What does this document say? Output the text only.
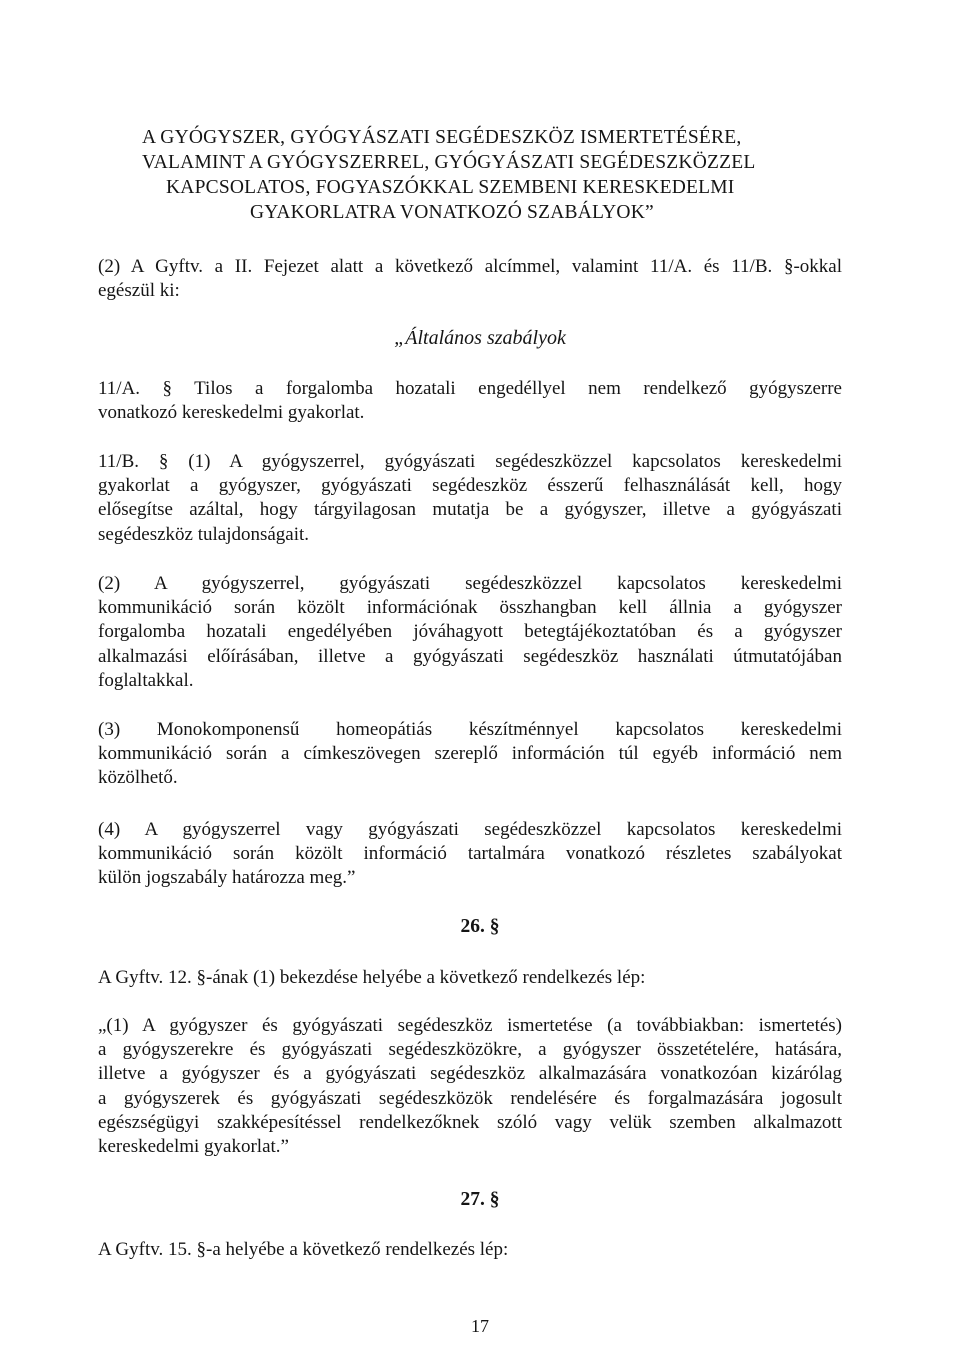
A GYÓGYSZER, GYÓGYÁSZATI SEGÉDESZKÖZ ISMERTETÉSÉRE,
VALAMINT A GYÓGYSZERREL, GYÓGYÁSZATI SEGÉDESZKÖZZEL
KAPCSOLATOS, FOGYASZÓKKAL SZEMBENI KERESKEDELMI
GYAKORLATRA VONATKOZÓ SZABÁLYOK”
(2) A Gyftv. a II. Fejezet alatt a következő alcímmel, valamint 11/A. és 11/B. §-okkal
egészül ki:
„Általános szabályok
11/A. § Tilos a forgalomba hozatali engedéllyel nem rendelkező gyógyszerre
vonatkozó kereskedelmi gyakorlat.
11/B. § (1) A gyógyszerrel, gyógyászati segédeszközzel kapcsolatos kereskedelmi
gyakorlat a gyógyszer, gyógyászati segédeszköz ésszerű felhasználását kell, hogy
elősegítse azáltal, hogy tárgyilagosan mutatja be a gyógyszer, illetve a gyógyászati
segédeszköz tulajdonságait.
(2) A gyógyszerrel, gyógyászati segédeszközzel kapcsolatos kereskedelmi
kommunikáció során közölt információnak összhangban kell állnia a gyógyszer
forgalomba hozatali engedélyében jóváhagyott betegtájékoztatóban és a gyógyszer
alkalmazási előírásában, illetve a gyógyászati segédeszköz használati útmutatójában
foglaltakkal.
(3) Monokomponensű homeopátiás készítménnyel kapcsolatos kereskedelmi
kommunikáció során a címkeszövegen szereplő információn túl egyéb információ nem
közölhető.
(4) A gyógyszerrel vagy gyógyászati segédeszközzel kapcsolatos kereskedelmi
kommunikáció során közölt információ tartalmára vonatkozó részletes szabályokat
külön jogszabály határozza meg.”
26. §
A Gyftv. 12. §-ának (1) bekezdése helyébe a következő rendelkezés lép:
„(1) A gyógyszer és gyógyászati segédeszköz ismertetése (a továbbiakban: ismertetés)
a gyógyszerekre és gyógyászati segédeszközökre, a gyógyszer összetételére, hatására,
illetve a gyógyszer és a gyógyászati segédeszköz alkalmazására vonatkozóan kizárólag
a gyógyszerek és gyógyászati segédeszközök rendelésére és forgalmazására jogosult
egészségügyi szakképesítéssel rendelkezőknek szóló vagy velük szemben alkalmazott
kereskedelmi gyakorlat.”
27. §
A Gyftv. 15. §-a helyébe a következő rendelkezés lép:
17
